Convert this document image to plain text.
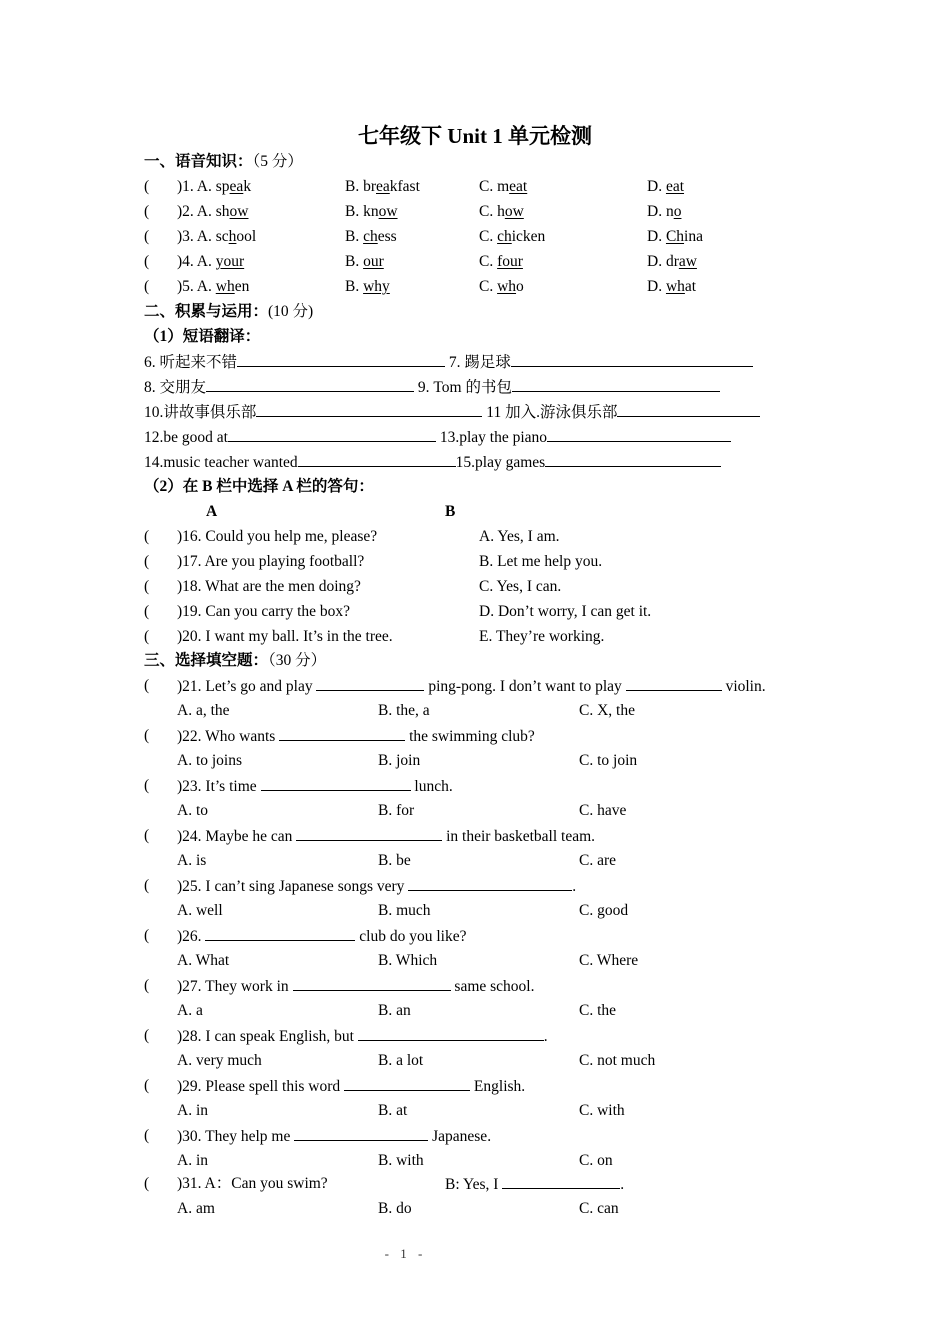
七年级下 Unit 1 单元检测
一、语音知识：（5 分）
( )1. A. speak	B. breakfast	C. meat	D. eat
( )2. A. show	B. know	C. how	D. no
( )3. A. school	B. chess	C. chicken	D. China
( )4. A. your	B. our	C. four	D. draw
( )5. A. when	B. why	C. who	D. what
二、积累与运用：(10 分)
（1）短语翻译：
6. 听起来不错	7. 踢足球
8. 交朋友	9. Tom 的书包
10.讲故事俱乐部	11 加入.游泳俱乐部
12.be good at	13.play the piano
14.music teacher wanted	15.play games
（2）在 B 栏中选择 A 栏的答句：
A	B
( )16. Could you help me, please?	A. Yes, I am.
( )17. Are you playing football?	B. Let me help you.
( )18. What are the men doing?	C. Yes, I can.
( )19. Can you carry the box?	D. Don’t worry, I can get it.
( )20. I want my ball. It’s in the tree.	E. They’re working.
三、选择填空题：（30 分）
( )21. Let’s go and play	ping-pong. I don’t want to play	violin.
A. a, the	B. the, a	C. X, the
( )22. Who wants	the swimming club?
A. to joins	B. join	C. to join
( )23. It’s time	lunch.
A. to	B. for	C. have
( )24. Maybe he can	in their basketball team.
A. is	B. be	C. are
( )25. I can’t sing Japanese songs very	.
A. well	B. much	C. good
( )26.	club do you like?
A. What	B. Which	C. Where
( )27. They work in	same school.
A. a	B. an	C. the
( )28. I can speak English, but	.
A. very much	B. a lot	C. not much
( )29. Please spell this word	English.
A. in	B. at	C. with
( )30. They help me	Japanese.
A. in	B. with	C. on
( )31. A：Can you swim?	B: Yes, I	.
A. am	B. do	C. can
- 1 -
